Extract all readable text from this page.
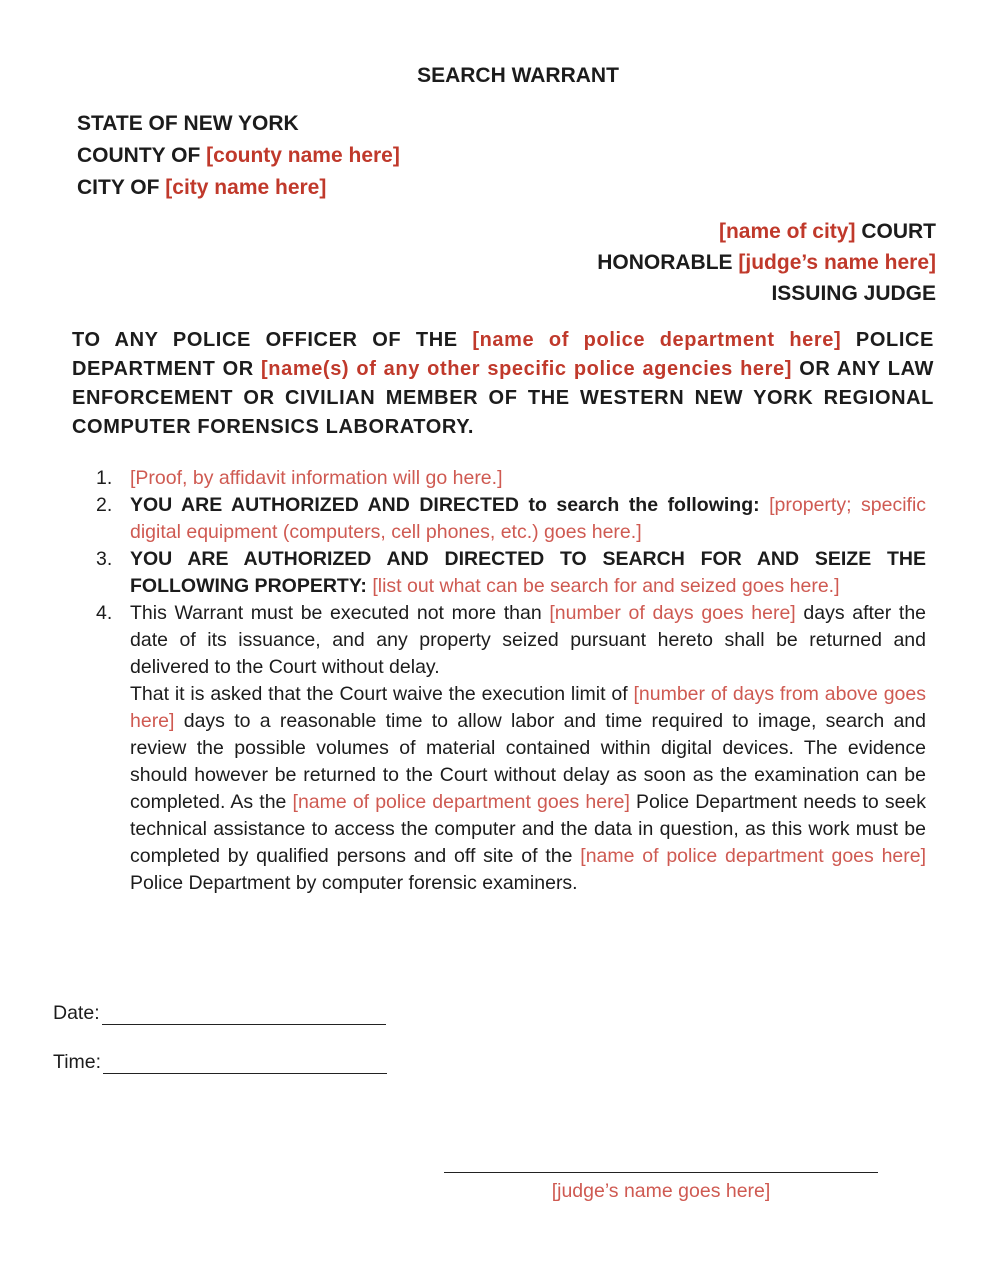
SEARCH WARRANT
STATE OF NEW YORK
COUNTY OF [county name here]
CITY OF [city name here]
[name of city] COURT
HONORABLE [judge’s name here]
ISSUING JUDGE
TO ANY POLICE OFFICER OF THE [name of police department here] POLICE DEPARTMENT OR [name(s) of any other specific police agencies here] OR ANY LAW ENFORCEMENT OR CIVILIAN MEMBER OF THE WESTERN NEW YORK REGIONAL COMPUTER FORENSICS LABORATORY.
1. [Proof, by affidavit information will go here.]
2. YOU ARE AUTHORIZED AND DIRECTED to search the following: [property; specific digital equipment (computers, cell phones, etc.) goes here.]
3. YOU ARE AUTHORIZED AND DIRECTED TO SEARCH FOR AND SEIZE THE FOLLOWING PROPERTY: [list out what can be search for and seized goes here.]
4. This Warrant must be executed not more than [number of days goes here] days after the date of its issuance, and any property seized pursuant hereto shall be returned and delivered to the Court without delay.
That it is asked that the Court waive the execution limit of [number of days from above goes here] days to a reasonable time to allow labor and time required to image, search and review the possible volumes of material contained within digital devices. The evidence should however be returned to the Court without delay as soon as the examination can be completed. As the [name of police department goes here] Police Department needs to seek technical assistance to access the computer and the data in question, as this work must be completed by qualified persons and off site of the [name of police department goes here] Police Department by computer forensic examiners.
Date:
Time:
[judge’s name goes here]
